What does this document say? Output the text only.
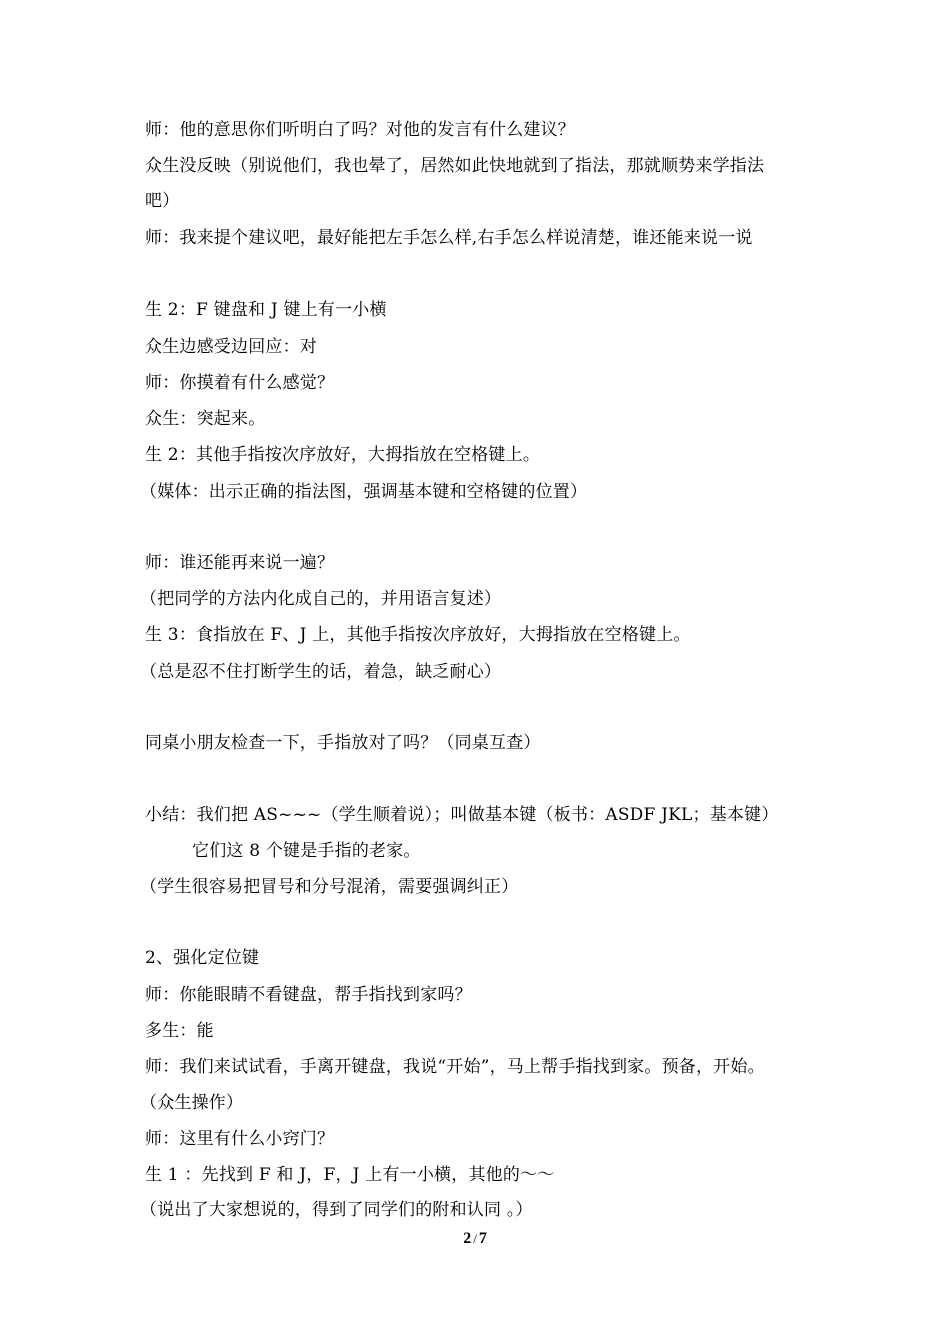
师：他的意思你们听明白了吗？对他的发言有什么建议？
众生没反映（别说他们，我也晕了，居然如此快地就到了指法，那就顺势来学指法
吧）
师：我来提个建议吧，最好能把左手怎么样,右手怎么样说清楚，谁还能来说一说
生 2：F 键盘和 J 键上有一小横
众生边感受边回应：对
师：你摸着有什么感觉？
众生：突起来。
生 2：其他手指按次序放好，大拇指放在空格键上。
（媒体：出示正确的指法图，强调基本键和空格键的位置）
师：谁还能再来说一遍？
（把同学的方法内化成自己的，并用语言复述）
生 3：食指放在 F、J 上，其他手指按次序放好，大拇指放在空格键上。
（总是忍不住打断学生的话，着急，缺乏耐心）
同桌小朋友检查一下，手指放对了吗？（同桌互查）
小结：我们把 AS~~~（学生顺着说）；叫做基本键（板书：ASDF JKL；基本键）
它们这 8 个键是手指的老家。
（学生很容易把冒号和分号混淆，需要强调纠正）
2、强化定位键
师：你能眼睛不看键盘，帮手指找到家吗？
多生：能
师：我们来试试看，手离开键盘，我说“开始”，马上帮手指找到家。预备，开始。
（众生操作）
师：这里有什么小窍门？
生 1 ：先找到 F 和 J，F，J 上有一小横，其他的～～
（说出了大家想说的，得到了同学们的附和认同 。）
2 / 7
